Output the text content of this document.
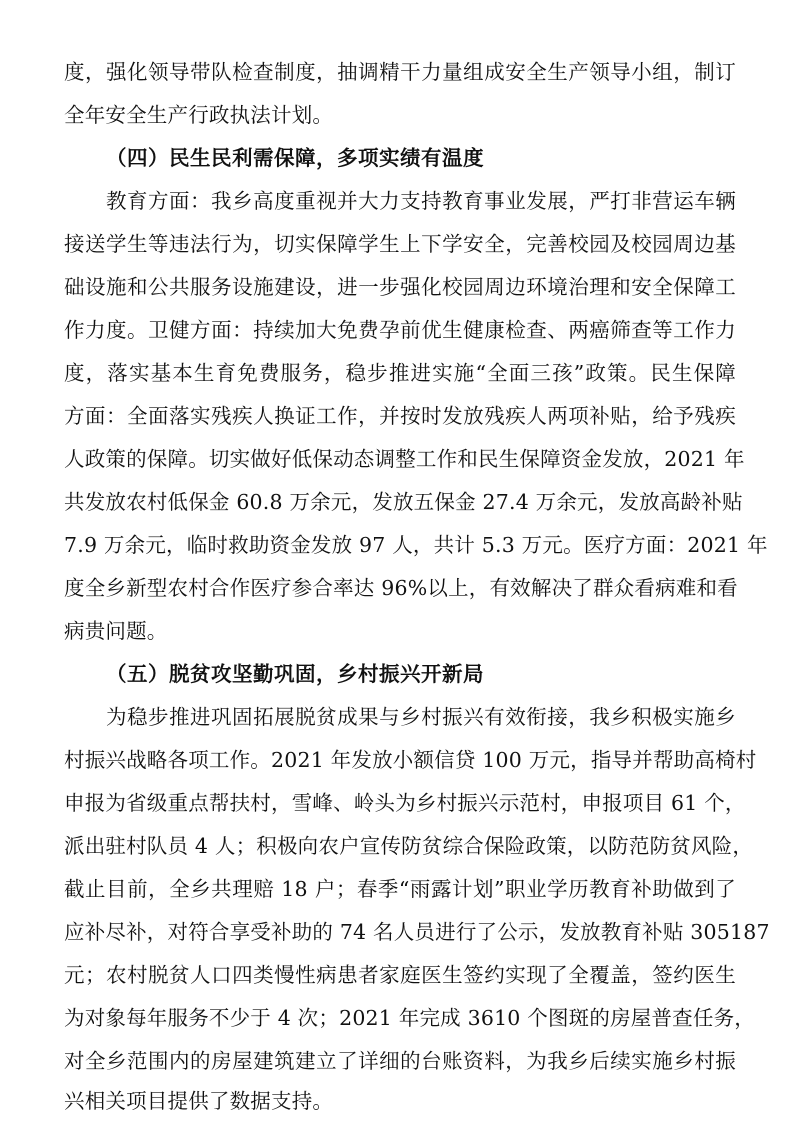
度，强化领导带队检查制度，抽调精干力量组成安全生产领导小组，制订
全年安全生产行政执法计划。
（四）民生民利需保障，多项实绩有温度
教育方面：我乡高度重视并大力支持教育事业发展，严打非营运车辆
接送学生等违法行为，切实保障学生上下学安全，完善校园及校园周边基
础设施和公共服务设施建设，进一步强化校园周边环境治理和安全保障工
作力度。卫健方面：持续加大免费孕前优生健康检查、两癌筛查等工作力
度，落实基本生育免费服务，稳步推进实施“全面三孩”政策。民生保障
方面：全面落实残疾人换证工作，并按时发放残疾人两项补贴，给予残疾
人政策的保障。切实做好低保动态调整工作和民生保障资金发放，2021 年
共发放农村低保金 60.8 万余元，发放五保金 27.4 万余元，发放高龄补贴
7.9 万余元，临时救助资金发放 97 人，共计 5.3 万元。医疗方面：2021 年
度全乡新型农村合作医疗参合率达 96%以上，有效解决了群众看病难和看
病贵问题。
（五）脱贫攻坚勤巩固，乡村振兴开新局
为稳步推进巩固拓展脱贫成果与乡村振兴有效衔接，我乡积极实施乡
村振兴战略各项工作。2021 年发放小额信贷 100 万元，指导并帮助高椅村
申报为省级重点帮扶村，雪峰、岭头为乡村振兴示范村，申报项目 61 个，
派出驻村队员 4 人；积极向农户宣传防贫综合保险政策，以防范防贫风险，
截止目前，全乡共理赔 18 户；春季“雨露计划”职业学历教育补助做到了
应补尽补，对符合享受补助的 74 名人员进行了公示，发放教育补贴 305187
元；农村脱贫人口四类慢性病患者家庭医生签约实现了全覆盖，签约医生
为对象每年服务不少于 4 次；2021 年完成 3610 个图斑的房屋普查任务，
对全乡范围内的房屋建筑建立了详细的台账资料，为我乡后续实施乡村振
兴相关项目提供了数据支持。
